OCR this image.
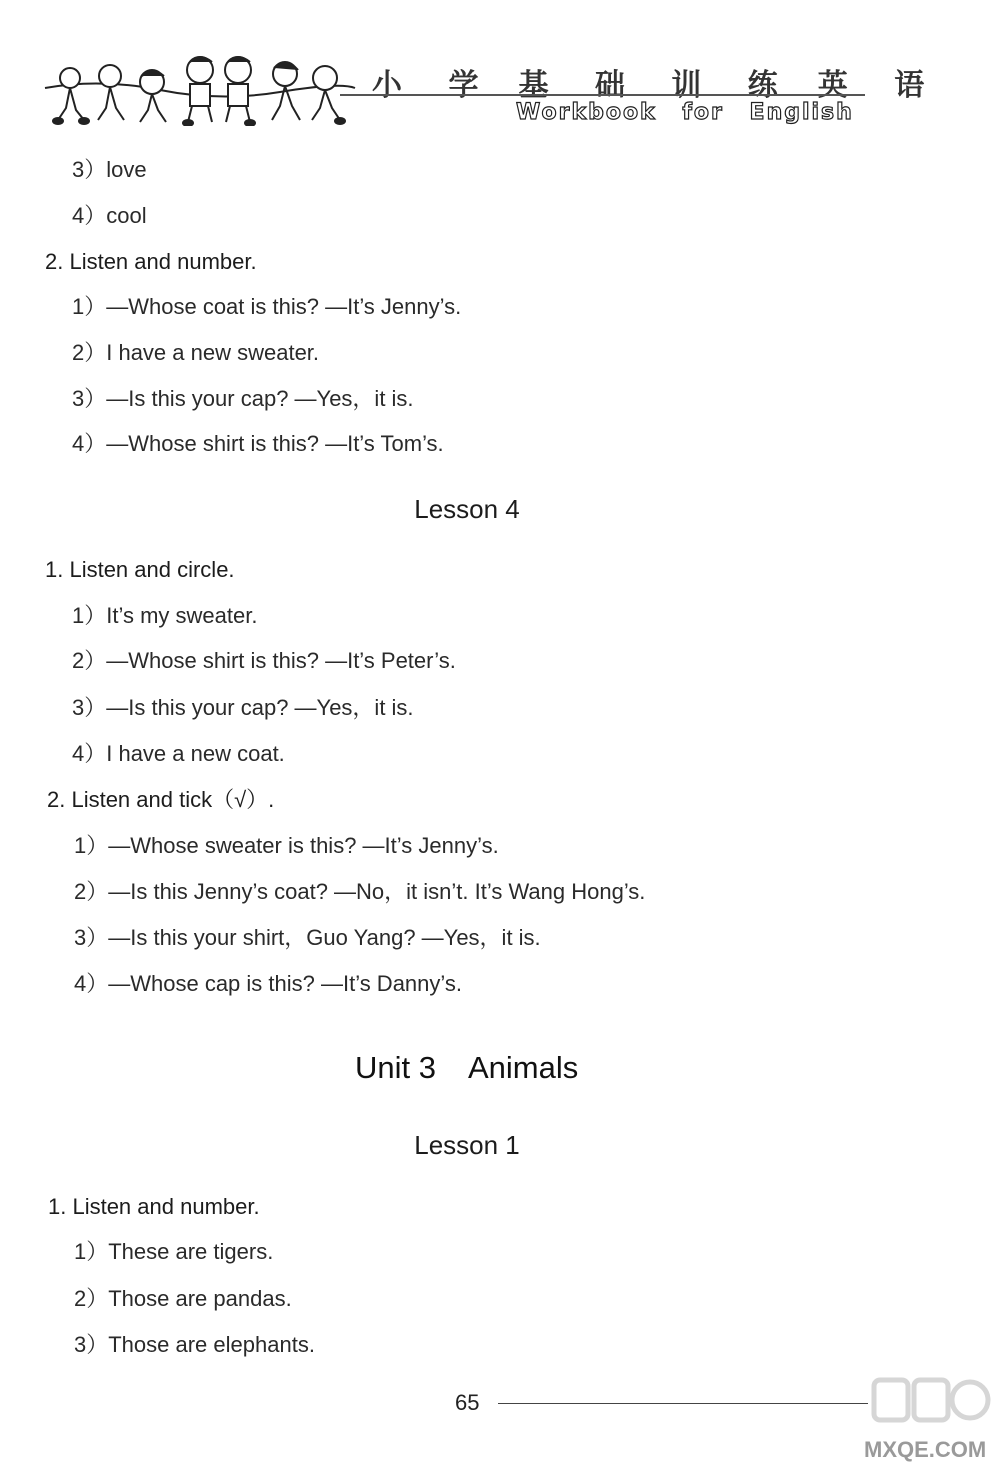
小 学 基 础 训 练 英 语
Workbook for English
3）love
4）cool
2. Listen and number.
1）—Whose coat is this? —It’s Jenny’s.
2）I have a new sweater.
3）—Is this your cap? —Yes，it is.
4）—Whose shirt is this? —It’s Tom’s.
Lesson 4
1. Listen and circle.
1）It’s my sweater.
2）—Whose shirt is this? —It’s Peter’s.
3）—Is this your cap? —Yes，it is.
4）I have a new coat.
2. Listen and tick（√）.
1）—Whose sweater is this? —It’s Jenny’s.
2）—Is this Jenny’s coat? —No，it isn’t. It’s Wang Hong’s.
3）—Is this your shirt，Guo Yang? —Yes，it is.
4）—Whose cap is this? —It’s Danny’s.
Unit 3 Animals
Lesson 1
1. Listen and number.
1）These are tigers.
2）Those are pandas.
3）Those are elephants.
65
MXQE.COM
